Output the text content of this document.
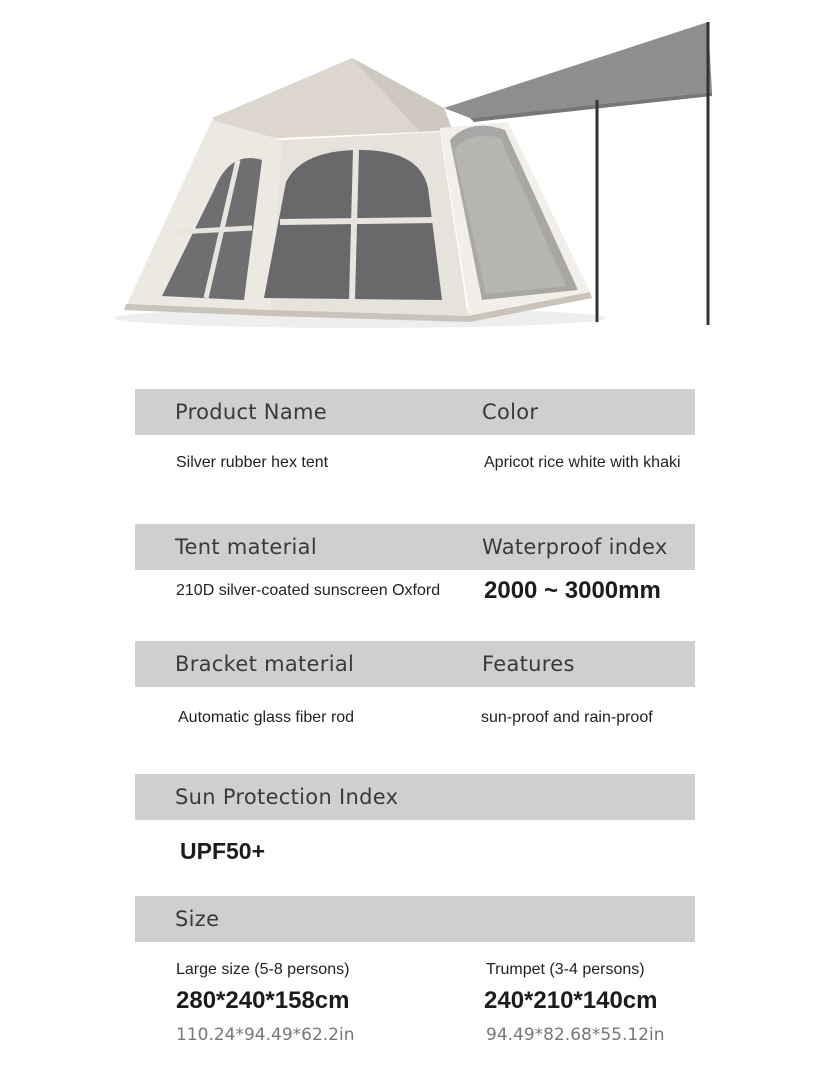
Product Name	Color
Silver rubber hex tent	Apricot rice white with khaki
Tent material	Waterproof index
210D silver-coated sunscreen Oxford 2000 ~ 3000mm
Bracket material	Features
Automatic glass fiber rod	sun-proof and rain-proof
Sun Protection Index
UPF50+
Size
Large size (5-8 persons)
280*240*158cm
110.24*94.49*62.2in
Trumpet (3-4 persons)
240*210*140cm
94.49*82.68*55.12in
